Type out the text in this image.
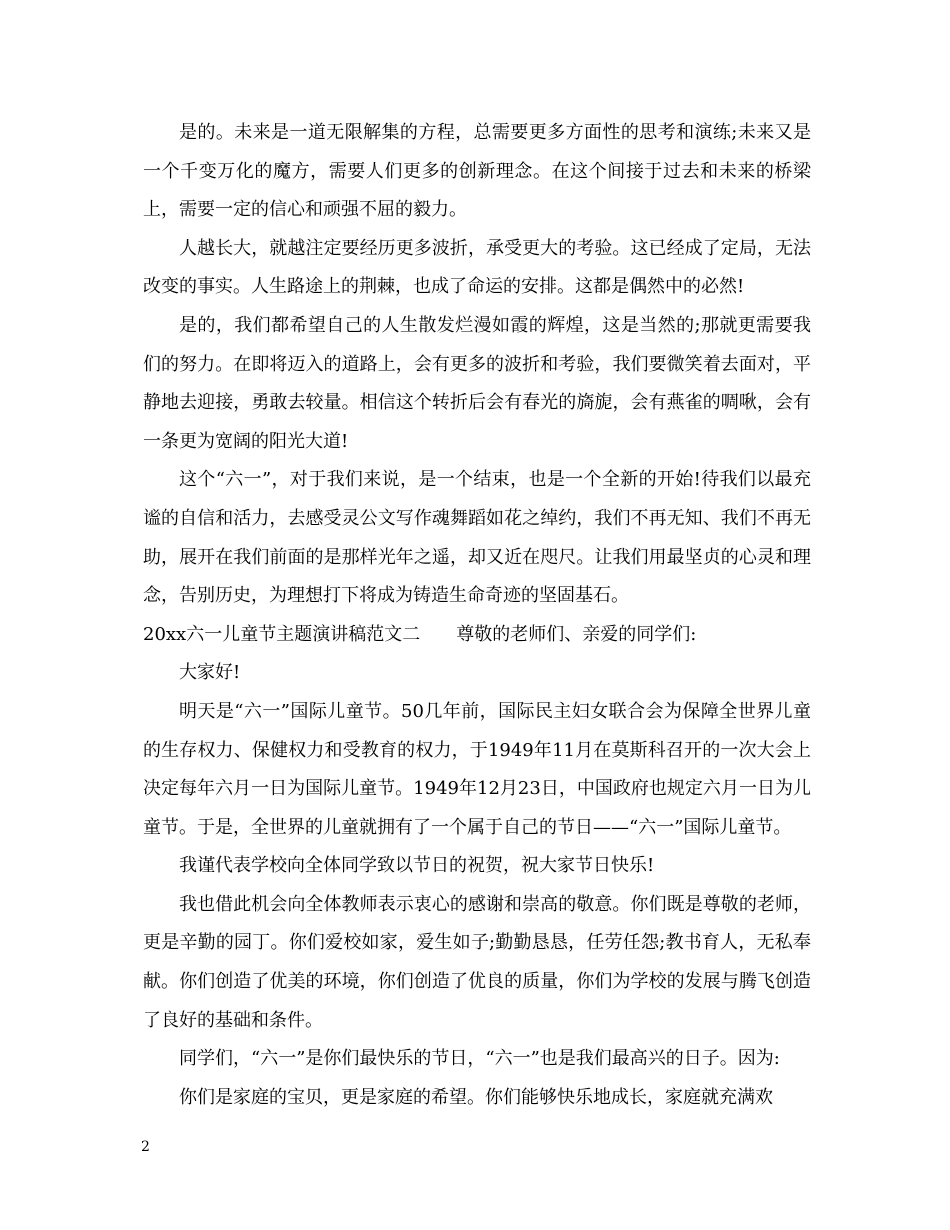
是的。未来是一道无限解集的方程，总需要更多方面性的思考和演练;未来又是一个千变万化的魔方，需要人们更多的创新理念。在这个间接于过去和未来的桥梁上，需要一定的信心和顽强不屈的毅力。

人越长大，就越注定要经历更多波折，承受更大的考验。这已经成了定局，无法改变的事实。人生路途上的荆棘，也成了命运的安排。这都是偶然中的必然!

是的，我们都希望自己的人生散发烂漫如霞的辉煌，这是当然的;那就更需要我们的努力。在即将迈入的道路上，会有更多的波折和考验，我们要微笑着去面对，平静地去迎接，勇敢去较量。相信这个转折后会有春光的旖旎，会有燕雀的啁啾，会有一条更为宽阔的阳光大道!

这个“六一”，对于我们来说，是一个结束，也是一个全新的开始!待我们以最充谧的自信和活力，去感受灵公文写作魂舞蹈如花之绰约，我们不再无知、我们不再无助，展开在我们前面的是那样光年之遥，却又近在咫尺。让我们用最坚贞的心灵和理念，告别历史，为理想打下将成为铸造生命奇迹的坚固基石。

20xx六一儿童节主题演讲稿范文二　　尊敬的老师们、亲爱的同学们:

大家好!

明天是“六一”国际儿童节。50几年前，国际民主妇女联合会为保障全世界儿童的生存权力、保健权力和受教育的权力，于1949年11月在莫斯科召开的一次大会上决定每年六月一日为国际儿童节。1949年12月23日，中国政府也规定六月一日为儿童节。于是，全世界的儿童就拥有了一个属于自己的节日——“六一”国际儿童节。

我谨代表学校向全体同学致以节日的祝贺，祝大家节日快乐!

我也借此机会向全体教师表示衷心的感谢和崇高的敬意。你们既是尊敬的老师，更是辛勤的园丁。你们爱校如家，爱生如子;勤勤恳恳，任劳任怨;教书育人，无私奉献。你们创造了优美的环境，你们创造了优良的质量，你们为学校的发展与腾飞创造了良好的基础和条件。

同学们，“六一”是你们最快乐的节日，“六一”也是我们最高兴的日子。因为:

你们是家庭的宝贝，更是家庭的希望。你们能够快乐地成长，家庭就充满欢

2
